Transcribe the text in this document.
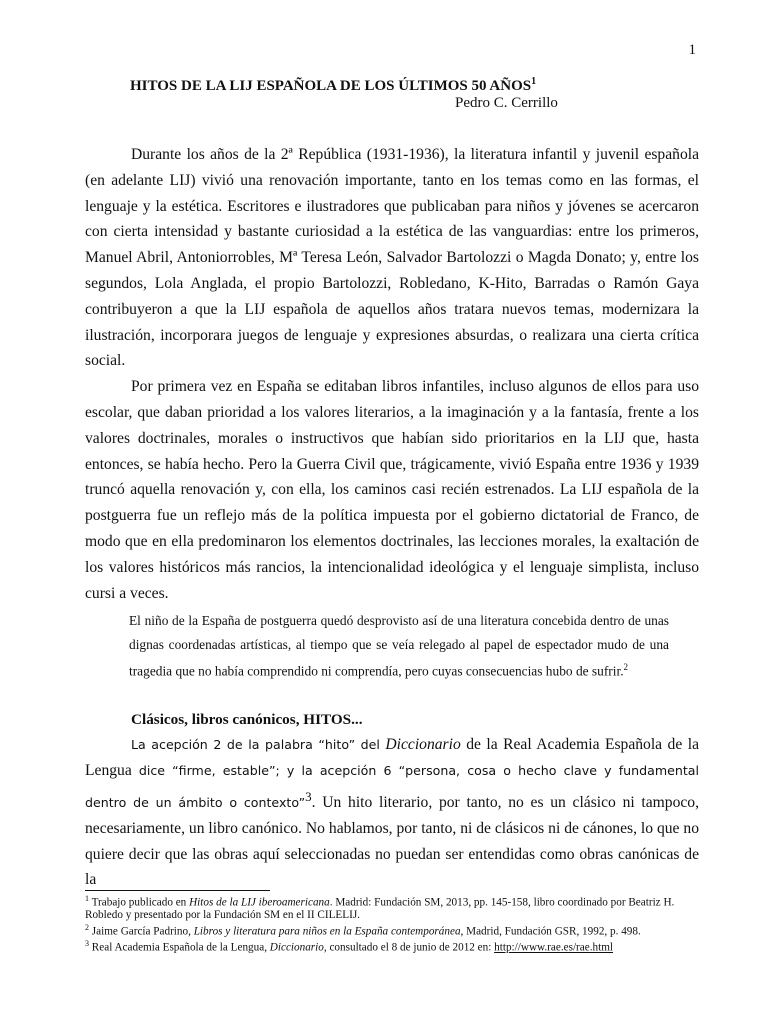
1
HITOS DE LA LIJ ESPAÑOLA DE LOS ÚLTIMOS 50 AÑOS$^1$
Pedro C. Cerrillo

Durante los años de la 2ª República (1931-1936), la literatura infantil y juvenil española (en adelante LIJ) vivió una renovación importante, tanto en los temas como en las formas, el lenguaje y la estética. Escritores e ilustradores que publicaban para niños y jóvenes se acercaron con cierta intensidad y bastante curiosidad a la estética de las vanguardias: entre los primeros, Manuel Abril, Antoniorrobles, Mª Teresa León, Salvador Bartolozzi o Magda Donato; y, entre los segundos, Lola Anglada, el propio Bartolozzi, Robledano, K-Hito, Barradas o Ramón Gaya contribuyeron a que la LIJ española de aquellos años tratara nuevos temas, modernizara la ilustración, incorporara juegos de lenguaje y expresiones absurdas, o realizara una cierta crítica social.

Por primera vez en España se editaban libros infantiles, incluso algunos de ellos para uso escolar, que daban prioridad a los valores literarios, a la imaginación y a la fantasía, frente a los valores doctrinales, morales o instructivos que habían sido prioritarios en la LIJ que, hasta entonces, se había hecho. Pero la Guerra Civil que, trágicamente, vivió España entre 1936 y 1939 truncó aquella renovación y, con ella, los caminos casi recién estrenados. La LIJ española de la postguerra fue un reflejo más de la política impuesta por el gobierno dictatorial de Franco, de modo que en ella predominaron los elementos doctrinales, las lecciones morales, la exaltación de los valores históricos más rancios, la intencionalidad ideológica y el lenguaje simplista, incluso cursi a veces.

El niño de la España de postguerra quedó desprovisto así de una literatura concebida dentro de unas dignas coordenadas artísticas, al tiempo que se veía relegado al papel de espectador mudo de una tragedia que no había comprendido ni comprendía, pero cuyas consecuencias hubo de sufrir.$^2$
Clásicos, libros canónicos, HITOS...

La acepción 2 de la palabra “hito” del Diccionario de la Real Academia Española de la Lengua dice “firme, estable”; y la acepción 6 “persona, cosa o hecho clave y fundamental dentro de un ámbito o contexto”$^3$. Un hito literario, por tanto, no es un clásico ni tampoco, necesariamente, un libro canónico. No hablamos, por tanto, ni de clásicos ni de cánones, lo que no quiere decir que las obras aquí seleccionadas no puedan ser entendidas como obras canónicas de la

$^1$ Trabajo publicado en Hitos de la LIJ iberoamericana. Madrid: Fundación SM, 2013, pp. 145-158, libro coordinado por Beatriz H. Robledo y presentado por la Fundación SM en el II CILELIJ.
$^2$ Jaime García Padrino, Libros y literatura para niños en la España contemporánea, Madrid, Fundación GSR, 1992, p. 498.
$^3$ Real Academia Española de la Lengua, Diccionario, consultado el 8 de junio de 2012 en: http://www.rae.es/rae.html
